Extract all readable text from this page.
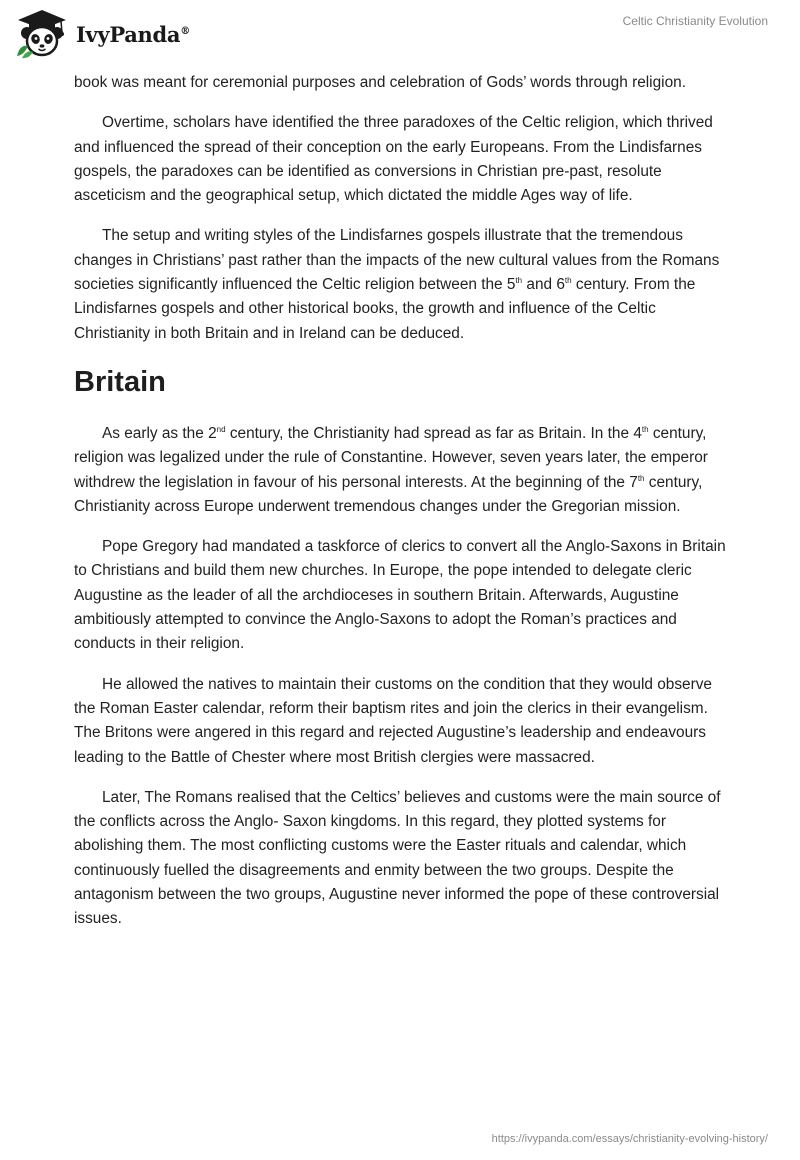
IvyPanda®
Celtic Christianity Evolution

book was meant for ceremonial purposes and celebration of Gods’ words through religion.

Overtime, scholars have identified the three paradoxes of the Celtic religion, which thrived and influenced the spread of their conception on the early Europeans. From the Lindisfarnes gospels, the paradoxes can be identified as conversions in Christian pre-past, resolute asceticism and the geographical setup, which dictated the middle Ages way of life.

The setup and writing styles of the Lindisfarnes gospels illustrate that the tremendous changes in Christians’ past rather than the impacts of the new cultural values from the Romans societies significantly influenced the Celtic religion between the 5th and 6th century. From the Lindisfarnes gospels and other historical books, the growth and influence of the Celtic Christianity in both Britain and in Ireland can be deduced.

Britain

As early as the 2nd century, the Christianity had spread as far as Britain. In the 4th century, religion was legalized under the rule of Constantine. However, seven years later, the emperor withdrew the legislation in favour of his personal interests. At the beginning of the 7th century, Christianity across Europe underwent tremendous changes under the Gregorian mission.

Pope Gregory had mandated a taskforce of clerics to convert all the Anglo-Saxons in Britain to Christians and build them new churches. In Europe, the pope intended to delegate cleric Augustine as the leader of all the archdioceses in southern Britain. Afterwards, Augustine ambitiously attempted to convince the Anglo-Saxons to adopt the Roman’s practices and conducts in their religion.

He allowed the natives to maintain their customs on the condition that they would observe the Roman Easter calendar, reform their baptism rites and join the clerics in their evangelism. The Britons were angered in this regard and rejected Augustine’s leadership and endeavours leading to the Battle of Chester where most British clergies were massacred.

Later, The Romans realised that the Celtics’ believes and customs were the main source of the conflicts across the Anglo- Saxon kingdoms. In this regard, they plotted systems for abolishing them. The most conflicting customs were the Easter rituals and calendar, which continuously fuelled the disagreements and enmity between the two groups. Despite the antagonism between the two groups, Augustine never informed the pope of these controversial issues.

https://ivypanda.com/essays/christianity-evolving-history/
